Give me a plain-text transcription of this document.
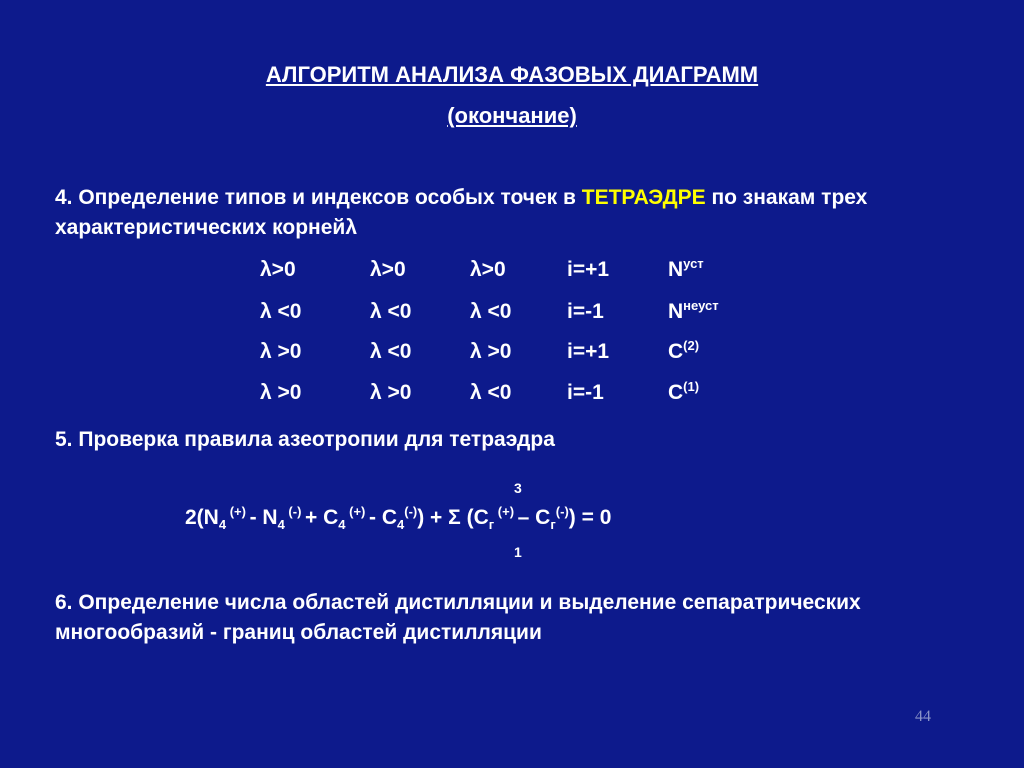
АЛГОРИТМ АНАЛИЗА ФАЗОВЫХ ДИАГРАММ
(окончание)
4. Определение типов и индексов особых точек в ТЕТРАЭДРЕ по знакам трех характеристических корнейλ
λ>0	λ>0	λ>0	i=+1	$N^{уст}$
λ <0	λ <0	λ <0	i=-1	$N^{неуст}$
λ >0	λ <0	λ >0	i=+1	$C^{(2)}$
λ >0	λ >0	λ <0	i=-1	$C^{(1)}$
5. Проверка правила азеотропии для тетраэдра
3
$2(N_4$ $^{(+)} - N_4$ $^{(-)} + C_4$ $^{(+)} - C_4^{(-)}) + \Sigma$ ($C_г$ $^{(+)} - C_г^{(-)}) = 0$
1
6. Определение числа областей дистилляции и выделение сепаратрических многообразий - границ областей дистилляции
44
